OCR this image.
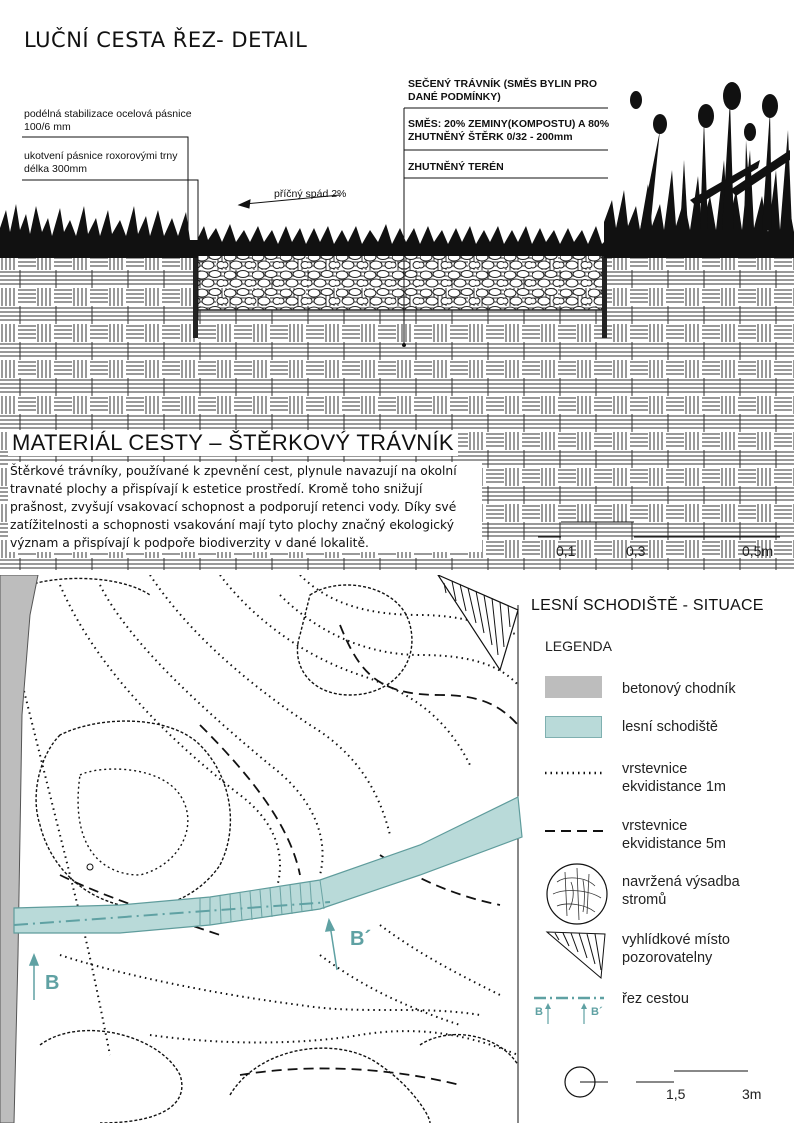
LUČNÍ CESTA ŘEZ- DETAIL
podélná stabilizace ocelová pásnice 100/6 mm
ukotvení pásnice roxorovými trny délka 300mm
příčný spád 2%
SEČENÝ TRÁVNÍK (SMĚS BYLIN PRO DANÉ PODMÍNKY)
SMĚS: 20% ZEMINY(KOMPOSTU) A 80% ZHUTNĚNÝ ŠTĚRK 0/32 - 200mm
ZHUTNĚNÝ TERÉN
0,1	0,3	0,5m
MATERIÁL CESTY – ŠTĚRKOVÝ TRÁVNÍK
Štěrkové trávníky, používané k zpevnění cest, plynule navazují na okolní travnaté plochy a přispívají k estetice prostředí. Kromě toho snižují prašnost, zvyšují vsakovací schopnost a podporují retenci vody. Díky své zatížitelnosti a schopnosti vsakování mají tyto plochy značný ekologický význam a přispívají k podpoře biodiverzity v dané lokalitě.
B
B´
LESNÍ SCHODIŠTĚ - SITUACE
LEGENDA
betonový chodník
lesní schodiště
vrstevnice
ekvidistance 1m
vrstevnice
ekvidistance 5m
navržená výsadba
stromů
vyhlídkové místo
pozorovatelny
B	B´
řez cestou
1,5	3m
